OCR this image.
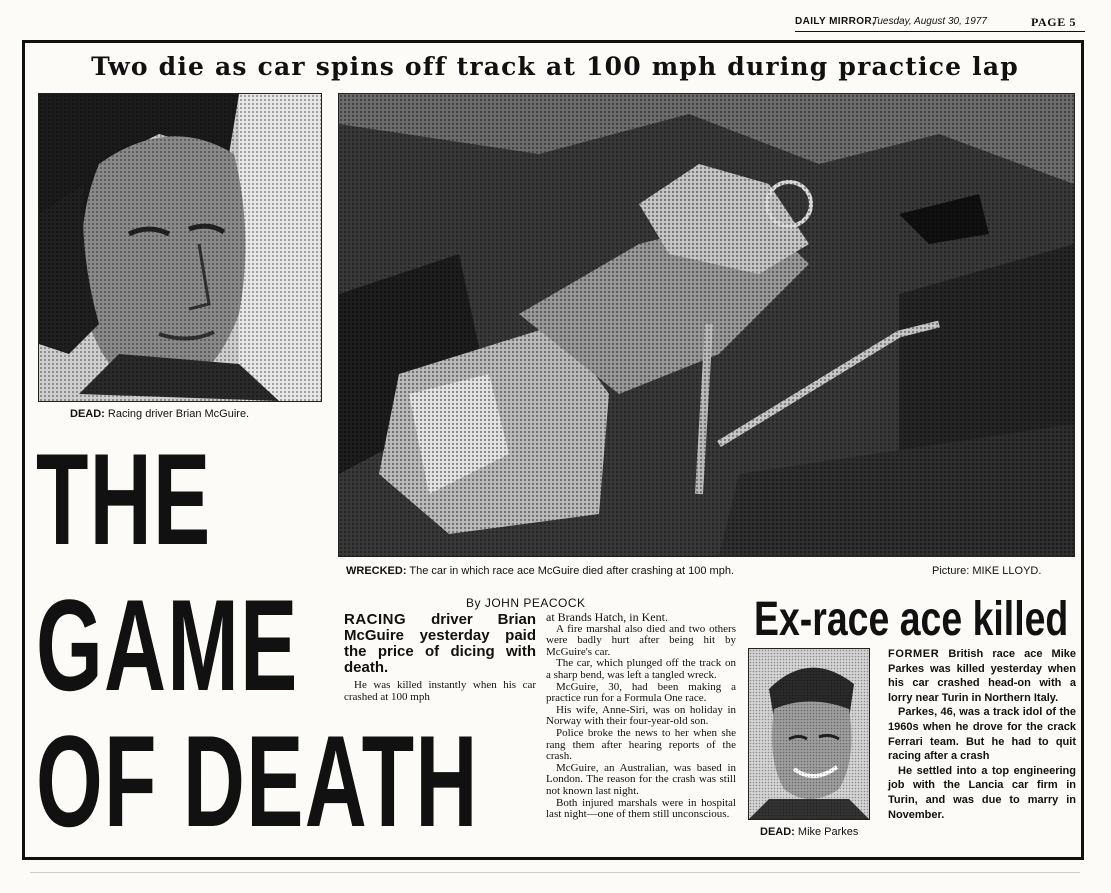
DAILY MIRROR,
Tuesday, August 30, 1977	PAGE 5
Two die as car spins off track at 100 mph during practice lap
DEAD: Racing driver Brian McGuire.
WRECKED: The car in which race ace McGuire died after crashing at 100 mph.	Picture: MIKE LLOYD.
THE
GAME
OF DEATH
By JOHN PEACOCK

RACING driver Brian McGuire yesterday paid the price of dicing with death.

He was killed instantly when his car crashed at 100 mph

at Brands Hatch, in Kent.

A fire marshal also died and two others were badly hurt after being hit by McGuire's car.

The car, which plunged off the track on a sharp bend, was left a tangled wreck.

McGuire, 30, had been making a practice run for a Formula One race.

His wife, Anne-Siri, was on holiday in Norway with their four-year-old son.

Police broke the news to her when she rang them after hearing reports of the crash.

McGuire, an Australian, was based in London. The reason for the crash was still not known last night.

Both injured marshals were in hospital last night—one of them still unconscious.

Ex-race ace killed
DEAD: Mike Parkes

FORMER British race ace Mike Parkes was killed yesterday when his car crashed head-on with a lorry near Turin in Northern Italy.

Parkes, 46, was a track idol of the 1960s when he drove for the crack Ferrari team. But he had to quit racing after a crash

He settled into a top engineering job with the Lancia car firm in Turin, and was due to marry in November.
